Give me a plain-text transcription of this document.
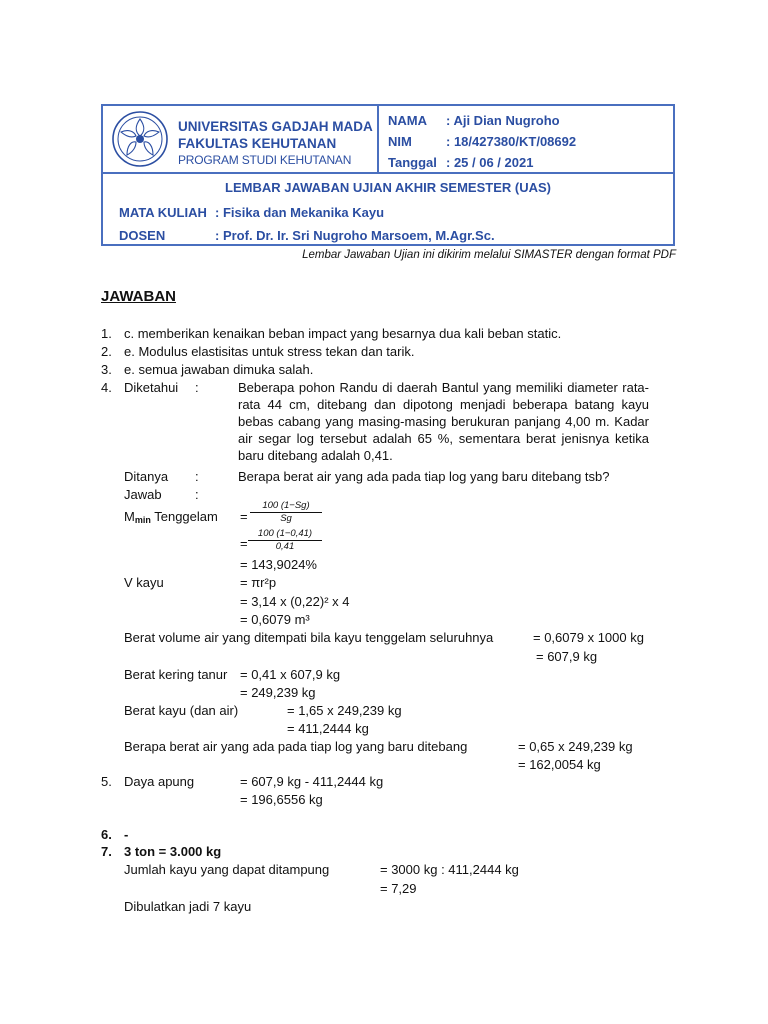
UNIVERSITAS GADJAH MADA
FAKULTAS KEHUTANAN
PROGRAM STUDI KEHUTANAN
NAMA : Aji Dian Nugroho
NIM	: 18/427380/KT/08692
Tanggal : 25 / 06 / 2021
LEMBAR JAWABAN UJIAN AKHIR SEMESTER (UAS)
MATA KULIAH : Fisika dan Mekanika Kayu
DOSEN	: Prof. Dr. Ir. Sri Nugroho Marsoem, M.Agr.Sc.
Lembar Jawaban Ujian ini dikirim melalui SIMASTER dengan format PDF
JAWABAN
1. c. memberikan kenaikan beban impact yang besarnya dua kali beban static.
2. e. Modulus elastisitas untuk stress tekan dan tarik.
3. e. semua jawaban dimuka salah.
4. Diketahui :	Beberapa pohon Randu di daerah Bantul yang memiliki diameter rata-rata 44 cm, ditebang dan dipotong menjadi beberapa batang kayu bebas cabang yang masing-masing berukuran panjang 4,00 m. Kadar air segar log tersebut adalah 65 %, sementara berat jenisnya ketika baru ditebang adalah 0,41.
Ditanya :	Berapa berat air yang ada pada tiap log yang baru ditebang tsb?
Jawab	:
$M_{min}$ Tenggelam = $\frac{100 (1-Sg)}{Sg}$
= $\frac{100 (1-0,41)}{0,41}$
= 143,9024%
V kayu	= πr²p
= 3,14 x (0,22)² x 4
= 0,6079 m³
Berat volume air yang ditempati bila kayu tenggelam seluruhnya	= 0,6079 x 1000 kg
= 607,9 kg
Berat kering tanur = 0,41 x 607,9 kg
= 249,239 kg
Berat kayu (dan air)	= 1,65 x 249,239 kg
= 411,2444 kg
Berapa berat air yang ada pada tiap log yang baru ditebang	= 0,65 x 249,239 kg
= 162,0054 kg
5. Daya apung	= 607,9 kg - 411,2444 kg
= 196,6556 kg
6. -
7. 3 ton = 3.000 kg
Jumlah kayu yang dapat ditampung	= 3000 kg : 411,2444 kg
= 7,29
Dibulatkan jadi 7 kayu
